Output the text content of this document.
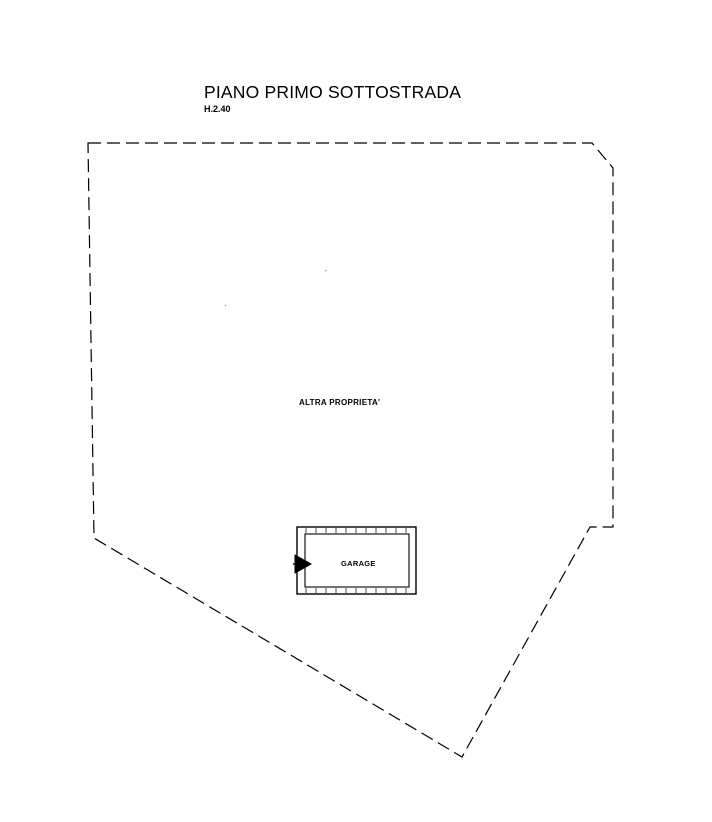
PIANO PRIMO SOTTOSTRADA
H.2.40
ALTRA PROPRIETA'
GARAGE
